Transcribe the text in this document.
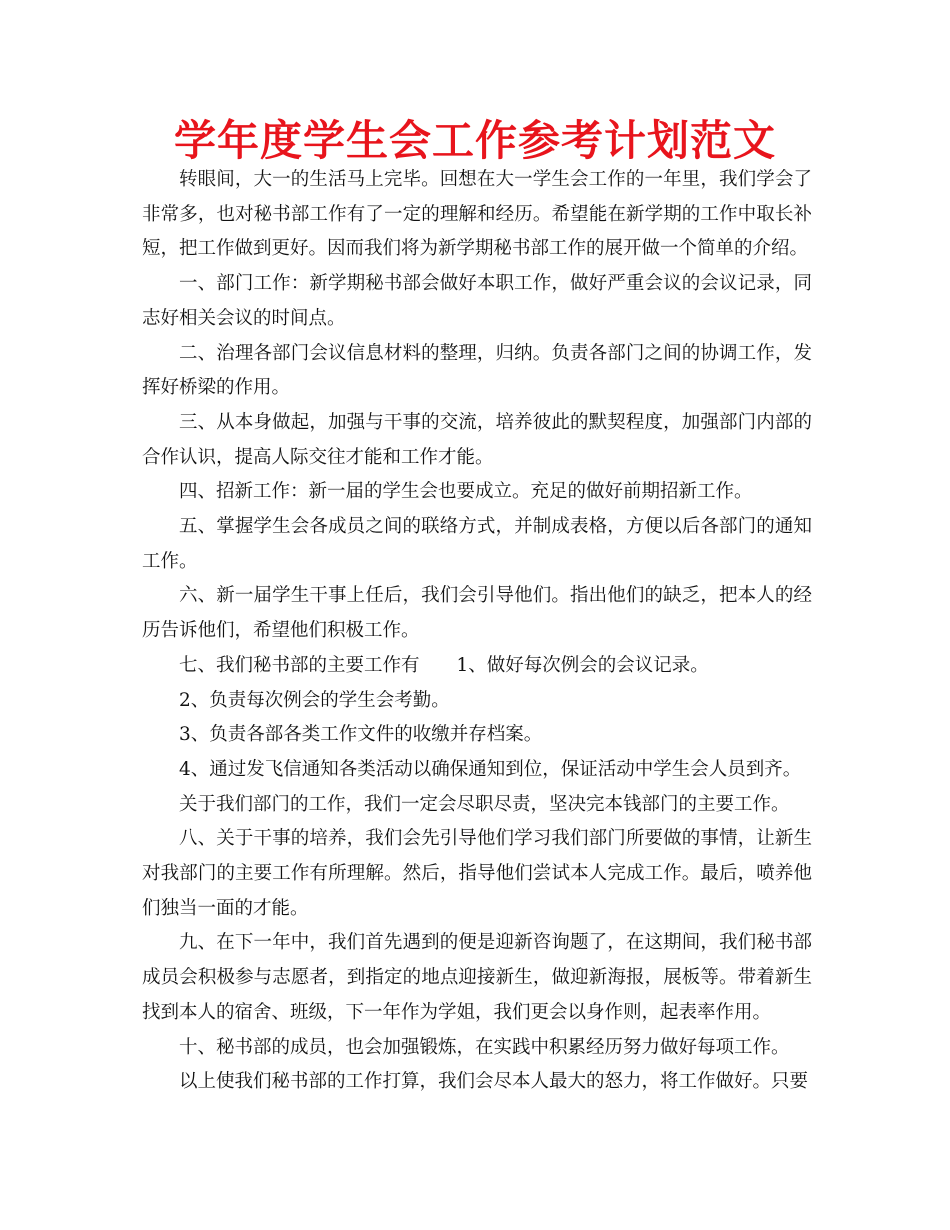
学年度学生会工作参考计划范文

转眼间，大一的生活马上完毕。回想在大一学生会工作的一年里，我们学会了非常多，也对秘书部工作有了一定的理解和经历。希望能在新学期的工作中取长补短，把工作做到更好。因而我们将为新学期秘书部工作的展开做一个简单的介绍。

一、部门工作：新学期秘书部会做好本职工作，做好严重会议的会议记录，同志好相关会议的时间点。

二、治理各部门会议信息材料的整理，归纳。负责各部门之间的协调工作，发挥好桥梁的作用。

三、从本身做起，加强与干事的交流，培养彼此的默契程度，加强部门内部的合作认识，提高人际交往才能和工作才能。

四、招新工作：新一届的学生会也要成立。充足的做好前期招新工作。

五、掌握学生会各成员之间的联络方式，并制成表格，方便以后各部门的通知工作。

六、新一届学生干事上任后，我们会引导他们。指出他们的缺乏，把本人的经历告诉他们，希望他们积极工作。

七、我们秘书部的主要工作有　　1、做好每次例会的会议记录。

2、负责每次例会的学生会考勤。

3、负责各部各类工作文件的收缴并存档案。

4、通过发飞信通知各类活动以确保通知到位，保证活动中学生会人员到齐。

关于我们部门的工作，我们一定会尽职尽责，坚决完本钱部门的主要工作。

八、关于干事的培养，我们会先引导他们学习我们部门所要做的事情，让新生对我部门的主要工作有所理解。然后，指导他们尝试本人完成工作。最后，喷养他们独当一面的才能。

九、在下一年中，我们首先遇到的便是迎新咨询题了，在这期间，我们秘书部成员会积极参与志愿者，到指定的地点迎接新生，做迎新海报，展板等。带着新生找到本人的宿舍、班级，下一年作为学姐，我们更会以身作则，起表率作用。

十、秘书部的成员，也会加强锻炼，在实践中积累经历努力做好每项工作。

以上使我们秘书部的工作打算，我们会尽本人最大的怒力，将工作做好。只要
